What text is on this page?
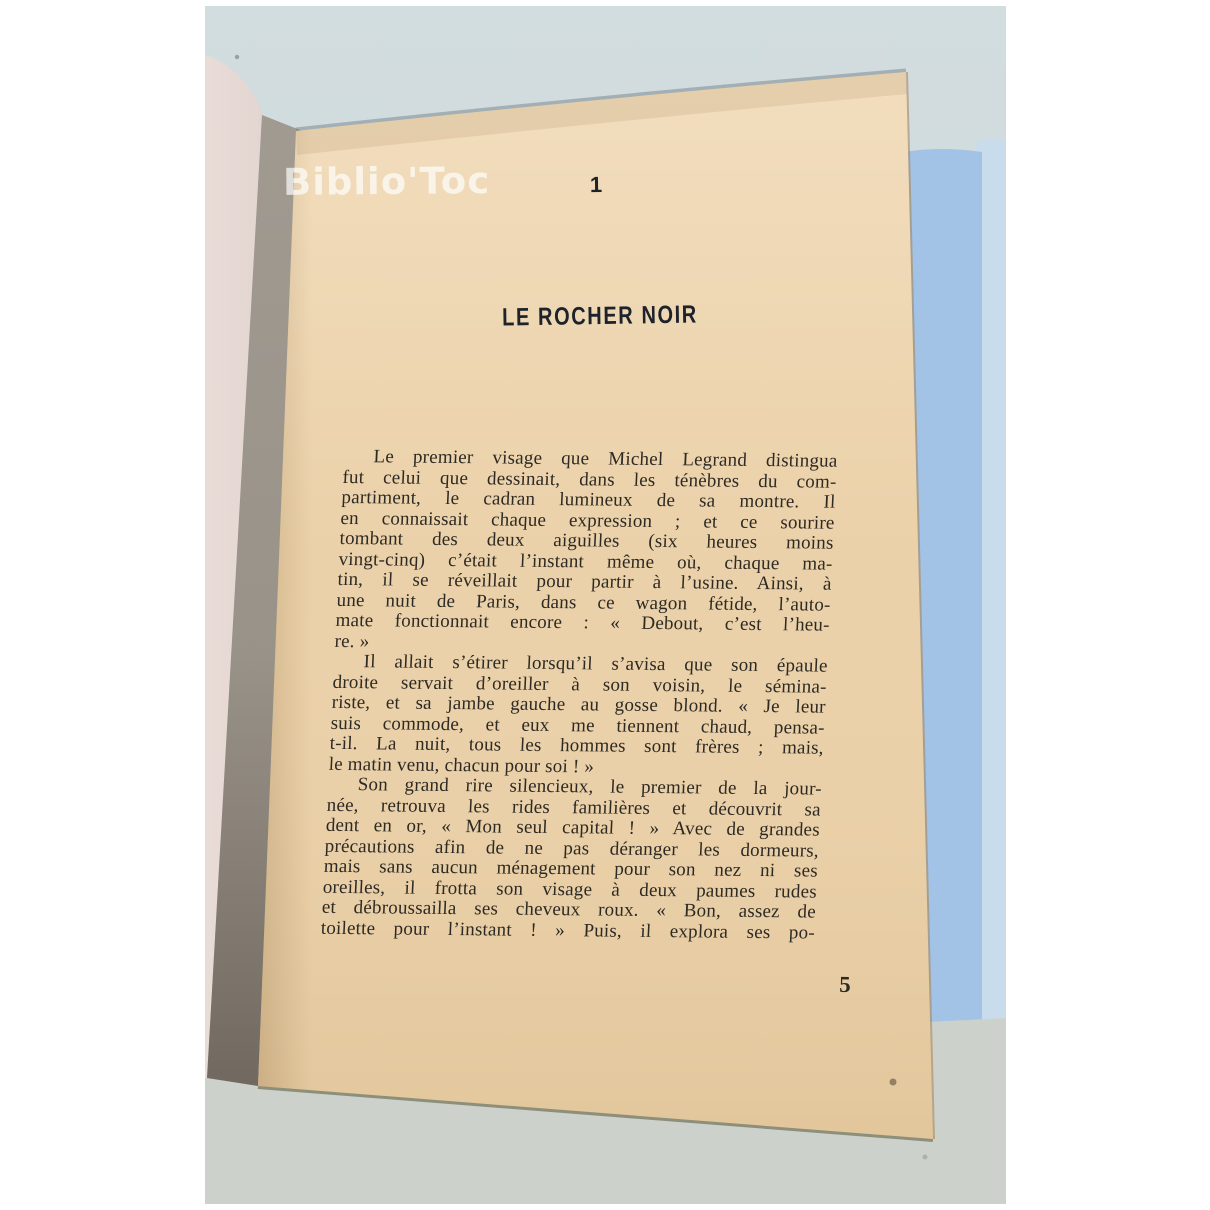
1
LE ROCHER NOIR
Le premier visage que Michel Legrand distingua
fut celui que dessinait, dans les ténèbres du com-
partiment, le cadran lumineux de sa montre. Il
en connaissait chaque expression ; et ce sourire
tombant des deux aiguilles (six heures moins
vingt-cinq) c’était l’instant même où, chaque ma-
tin, il se réveillait pour partir à l’usine. Ainsi, à
une nuit de Paris, dans ce wagon fétide, l’auto-
mate fonctionnait encore : « Debout, c’est l’heu-
re. »
Il allait s’étirer lorsqu’il s’avisa que son épaule
droite servait d’oreiller à son voisin, le sémina-
riste, et sa jambe gauche au gosse blond. « Je leur
suis commode, et eux me tiennent chaud, pensa-
t-il. La nuit, tous les hommes sont frères ; mais,
le matin venu, chacun pour soi ! »
Son grand rire silencieux, le premier de la jour-
née, retrouva les rides familières et découvrit sa
dent en or, « Mon seul capital ! » Avec de grandes
précautions afin de ne pas déranger les dormeurs,
mais sans aucun ménagement pour son nez ni ses
oreilles, il frotta son visage à deux paumes rudes
et débroussailla ses cheveux roux. « Bon, assez de
toilette pour l’instant ! » Puis, il explora ses po-
5
Biblio'Toc
